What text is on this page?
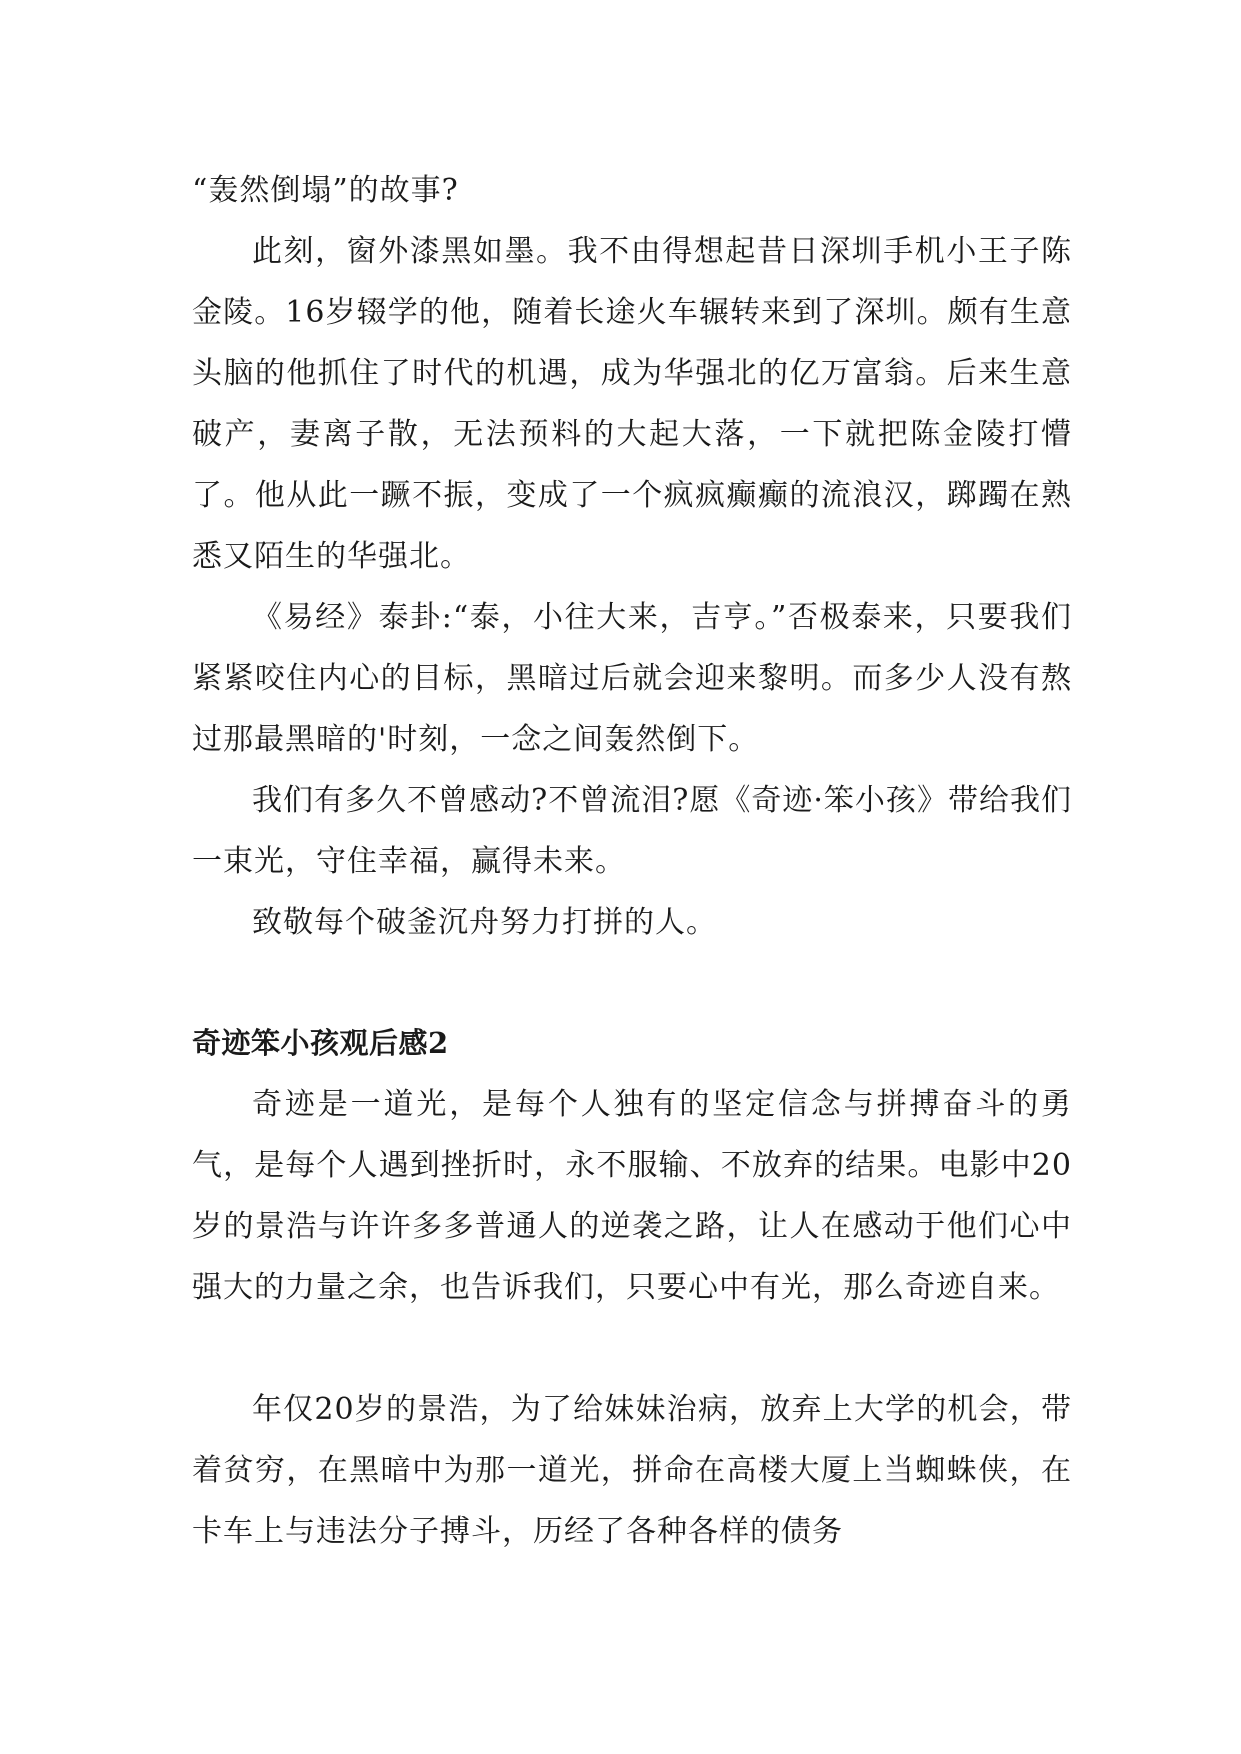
“轰然倒塌”的故事?

此刻，窗外漆黑如墨。我不由得想起昔日深圳手机小王子陈金陵。16岁辍学的他，随着长途火车辗转来到了深圳。颇有生意头脑的他抓住了时代的机遇，成为华强北的亿万富翁。后来生意破产，妻离子散，无法预料的大起大落，一下就把陈金陵打懵了。他从此一蹶不振，变成了一个疯疯癫癫的流浪汉，踯躅在熟悉又陌生的华强北。

《易经》泰卦:“泰，小往大来，吉亨。”否极泰来，只要我们紧紧咬住内心的目标，黑暗过后就会迎来黎明。而多少人没有熬过那最黑暗的'时刻，一念之间轰然倒下。

我们有多久不曾感动?不曾流泪?愿《奇迹·笨小孩》带给我们一束光，守住幸福，赢得未来。

致敬每个破釜沉舟努力打拼的人。

奇迹笨小孩观后感2

奇迹是一道光，是每个人独有的坚定信念与拼搏奋斗的勇气，是每个人遇到挫折时，永不服输、不放弃的结果。电影中20岁的景浩与许许多多普通人的逆袭之路，让人在感动于他们心中强大的力量之余，也告诉我们，只要心中有光，那么奇迹自来。

年仅20岁的景浩，为了给妹妹治病，放弃上大学的机会，带着贫穷，在黑暗中为那一道光，拼命在高楼大厦上当蜘蛛侠，在卡车上与违法分子搏斗，历经了各种各样的债务
